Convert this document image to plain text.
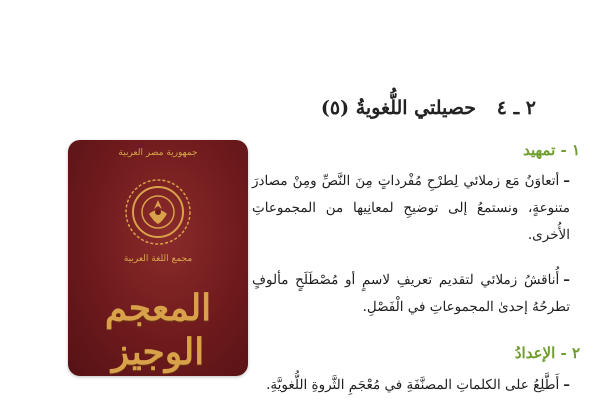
٢ ـ ٤
حصيلتي اللُّغويةُ (٥)
١ - تمهيد
–أتعاوَنُ مَع زملائي لِطرْحِ مُفْرداتٍ مِنَ النَّصِّ ومِنْ مصادرَ متنوعةٍ، ونستمعُ إلى توضيحِ لمعانِيها من المجموعاتِ الأُخرى.
–أُناقشُ زملائي لتقديم تعريفِ لاسمٍ أو مُصْطَلَحٍ مألوفٍ تطرحُهُ إحدىٰ المجموعاتِ في الْفَصْلِ.
٢ - الإعدادُ
–أَطَّلِعُ على الكلماتِ المصنَّفَةِ في مُعْجَمِ الثَّروةِ اللُّغويَّةِ.
جمهورية مصر العربية
مجمع اللغة العربية
المعجم الوجيز
